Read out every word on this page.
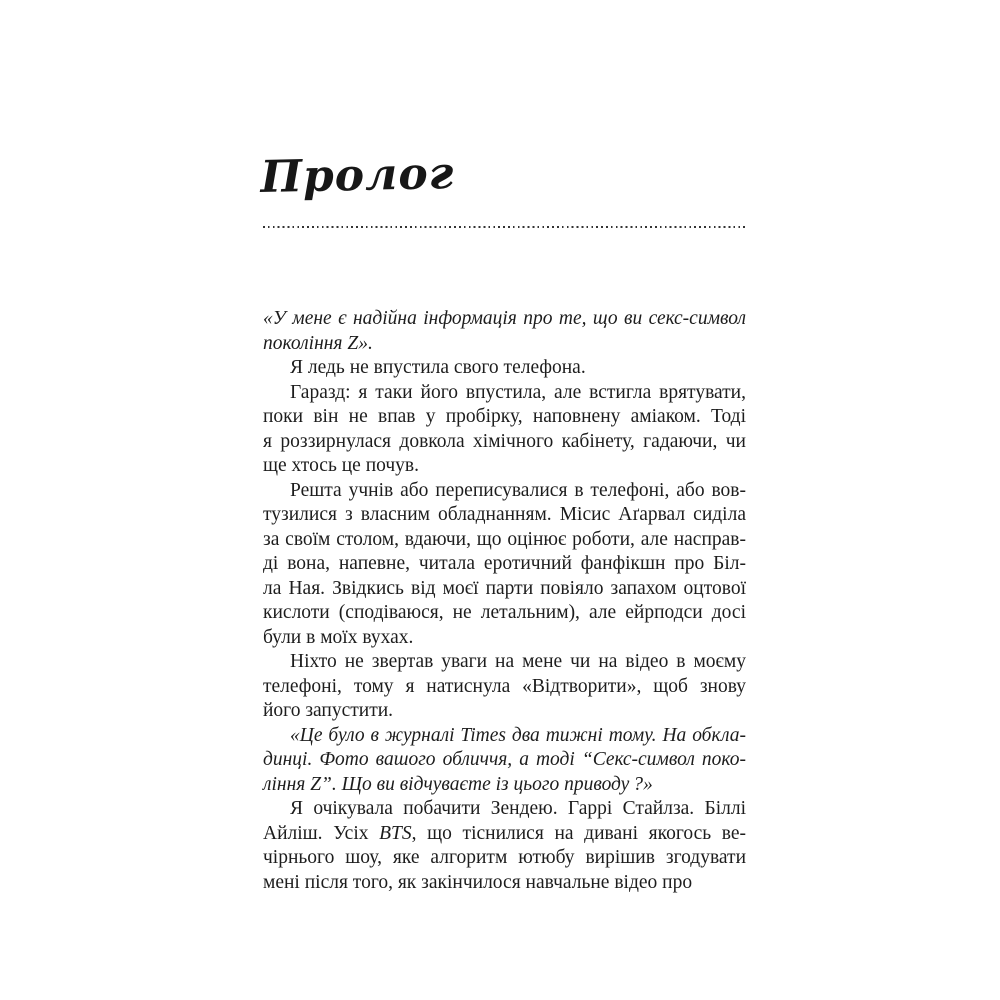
Пролог
«У мене є надійна інформація про те, що ви секс-символ
покоління Z».
Я ледь не впустила свого телефона.
Гаразд: я таки його впустила, але встигла врятувати,
поки він не впав у пробірку, наповнену аміаком. Тоді
я роззирнулася довкола хімічного кабінету, гадаючи, чи
ще хтось це почув.
Решта учнів або переписувалися в телефоні, або вов-
тузилися з власним обладнанням. Місис Аґарвал сиділа
за своїм столом, вдаючи, що оцінює роботи, але насправ-
ді вона, напевне, читала еротичний фанфікшн про Біл-
ла Ная. Звідкись від моєї парти повіяло запахом оцтової
кислоти (сподіваюся, не летальним), але ейрподси досі
були в моїх вухах.
Ніхто не звертав уваги на мене чи на відео в моєму
телефоні, тому я натиснула «Відтворити», щоб знову
його запустити.
«Це було в журналі Times два тижні тому. На обкла-
динці. Фото вашого обличчя, а тоді “Секс-символ поко-
ління Z”. Що ви відчуваєте із цього приводу ?»
Я очікувала побачити Зендею. Гаррі Стайлза. Біллі
Айліш. Усіх BTS, що тіснилися на дивані якогось ве-
чірнього шоу, яке алгоритм ютюбу вирішив згодувати
мені після того, як закінчилося навчальне відео про
